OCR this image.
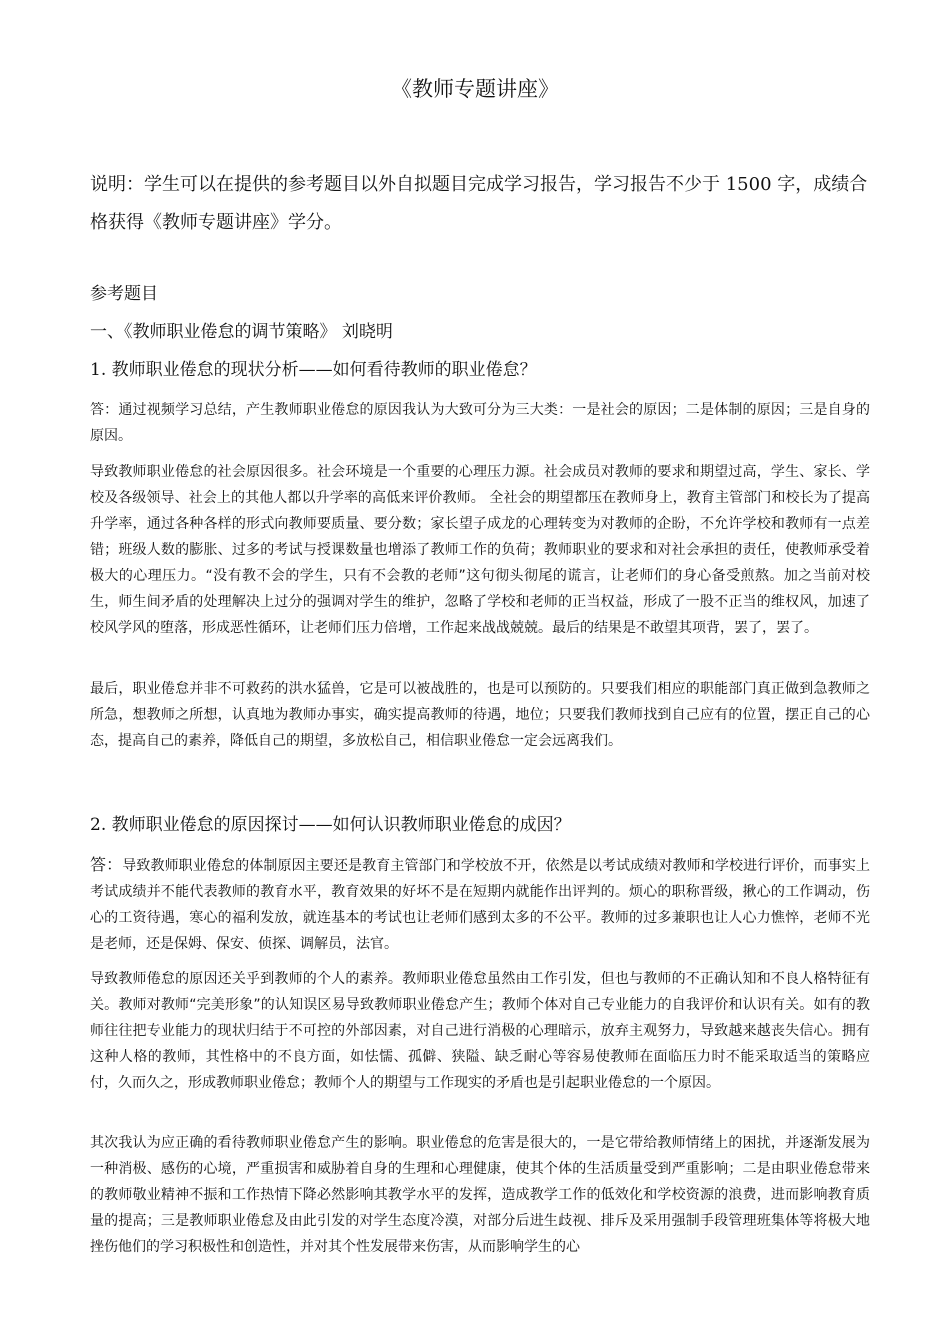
《教师专题讲座》
说明：学生可以在提供的参考题目以外自拟题目完成学习报告，学习报告不少于 1500 字，成绩合格获得《教师专题讲座》学分。
参考题目
一、《教师职业倦怠的调节策略》 刘晓明
1. 教师职业倦怠的现状分析——如何看待教师的职业倦怠？
答：通过视频学习总结，产生教师职业倦怠的原因我认为大致可分为三大类：一是社会的原因；二是体制的原因；三是自身的原因。
导致教师职业倦怠的社会原因很多。社会环境是一个重要的心理压力源。社会成员对教师的要求和期望过高，学生、家长、学校及各级领导、社会上的其他人都以升学率的高低来评价教师。 全社会的期望都压在教师身上，教育主管部门和校长为了提高升学率，通过各种各样的形式向教师要质量、要分数；家长望子成龙的心理转变为对教师的企盼，不允许学校和教师有一点差错；班级人数的膨胀、过多的考试与授课数量也增添了教师工作的负荷；教师职业的要求和对社会承担的责任，使教师承受着极大的心理压力。“没有教不会的学生，只有不会教的老师”这句彻头彻尾的谎言，让老师们的身心备受煎熬。加之当前对校生，师生间矛盾的处理解决上过分的强调对学生的维护，忽略了学校和老师的正当权益，形成了一股不正当的维权风，加速了校风学风的堕落，形成恶性循环，让老师们压力倍增，工作起来战战兢兢。最后的结果是不敢望其项背，罢了，罢了。
最后，职业倦怠并非不可救药的洪水猛兽，它是可以被战胜的，也是可以预防的。只要我们相应的职能部门真正做到急教师之所急，想教师之所想，认真地为教师办事实，确实提高教师的待遇，地位；只要我们教师找到自己应有的位置，摆正自己的心态，提高自己的素养，降低自己的期望，多放松自己，相信职业倦怠一定会远离我们。
2. 教师职业倦怠的原因探讨——如何认识教师职业倦怠的成因？
答：导致教师职业倦怠的体制原因主要还是教育主管部门和学校放不开，依然是以考试成绩对教师和学校进行评价，而事实上考试成绩并不能代表教师的教育水平，教育效果的好坏不是在短期内就能作出评判的。烦心的职称晋级，揪心的工作调动，伤心的工资待遇，寒心的福利发放，就连基本的考试也让老师们感到太多的不公平。教师的过多兼职也让人心力憔悴，老师不光是老师，还是保姆、保安、侦探、调解员，法官。
导致教师倦怠的原因还关乎到教师的个人的素养。教师职业倦怠虽然由工作引发，但也与教师的不正确认知和不良人格特征有关。教师对教师“完美形象”的认知误区易导致教师职业倦怠产生；教师个体对自己专业能力的自我评价和认识有关。如有的教师往往把专业能力的现状归结于不可控的外部因素，对自己进行消极的心理暗示，放弃主观努力，导致越来越丧失信心。拥有这种人格的教师，其性格中的不良方面，如怯懦、孤僻、狭隘、缺乏耐心等容易使教师在面临压力时不能采取适当的策略应付，久而久之，形成教师职业倦怠；教师个人的期望与工作现实的矛盾也是引起职业倦怠的一个原因。
其次我认为应正确的看待教师职业倦怠产生的影响。职业倦怠的危害是很大的，一是它带给教师情绪上的困扰，并逐渐发展为一种消极、感伤的心境，严重损害和威胁着自身的生理和心理健康，使其个体的生活质量受到严重影响；二是由职业倦怠带来的教师敬业精神不振和工作热情下降必然影响其教学水平的发挥，造成教学工作的低效化和学校资源的浪费，进而影响教育质量的提高；三是教师职业倦怠及由此引发的对学生态度冷漠，对部分后进生歧视、排斥及采用强制手段管理班集体等将极大地挫伤他们的学习积极性和创造性，并对其个性发展带来伤害，从而影响学生的心
